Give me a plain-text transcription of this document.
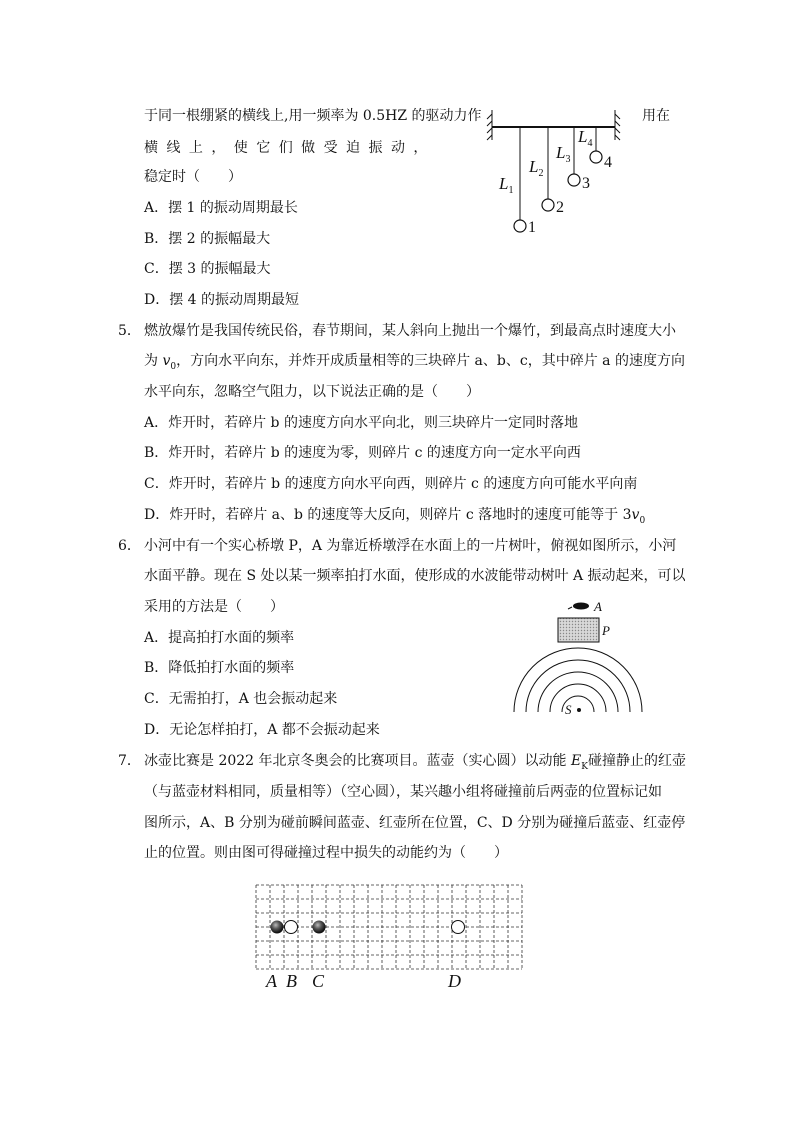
于同一根绷紧的横线上,用一频率为 0.5HZ 的驱动力作	用在
横 线 上 ， 使 它 们 做 受 迫 振 动 ，
稳定时（　　）
A．摆 1 的振动周期最长
B．摆 2 的振幅最大
C．摆 3 的振幅最大
D．摆 4 的振动周期最短
$L_1$
$L_2$
$L_3$
$L_4$
1
2
3
4
5． 燃放爆竹是我国传统民俗，春节期间，某人斜向上抛出一个爆竹，到最高点时速度大小
为 $v_0$，方向水平向东，并炸开成质量相等的三块碎片 a、b、c，其中碎片 a 的速度方向
水平向东，忽略空气阻力，以下说法正确的是（　　）
A．炸开时，若碎片 b 的速度方向水平向北，则三块碎片一定同时落地
B．炸开时，若碎片 b 的速度为零，则碎片 c 的速度方向一定水平向西
C．炸开时，若碎片 b 的速度方向水平向西，则碎片 c 的速度方向可能水平向南
D．炸开时，若碎片 a、b 的速度等大反向，则碎片 c 落地时的速度可能等于 $3v_0$
6． 小河中有一个实心桥墩 P，A 为靠近桥墩浮在水面上的一片树叶，俯视如图所示，小河
水面平静。现在 S 处以某一频率拍打水面，使形成的水波能带动树叶 A 振动起来，可以
采用的方法是（　　）
A．提高拍打水面的频率
B．降低拍打水面的频率
C．无需拍打，A 也会振动起来
D．无论怎样拍打，A 都不会振动起来
A
P
S
7． 冰壶比赛是 2022 年北京冬奥会的比赛项目。蓝壶（实心圆）以动能 $E_K$碰撞静止的红壶
（与蓝壶材料相同，质量相等）（空心圆），某兴趣小组将碰撞前后两壶的位置标记如
图所示，A、B 分别为碰前瞬间蓝壶、红壶所在位置，C、D 分别为碰撞后蓝壶、红壶停
止的位置。则由图可得碰撞过程中损失的动能约为（　　）
A B C	D
